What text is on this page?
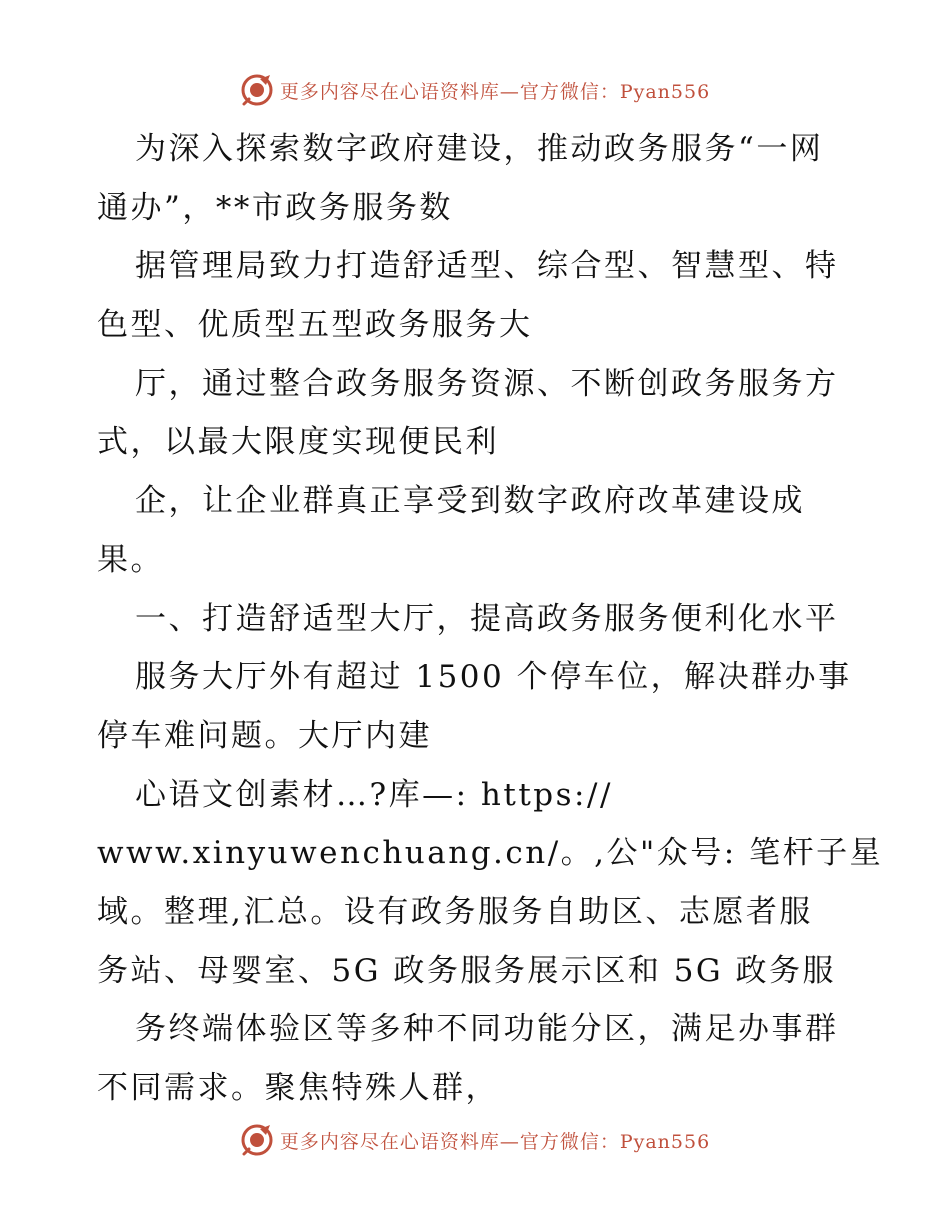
更多内容尽在心语资料库—官方微信：Pyan556
为深入探索数字政府建设，推动政务服务“一网
通办”，**市政务服务数
据管理局致力打造舒适型、综合型、智慧型、特
色型、优质型五型政务服务大
厅，通过整合政务服务资源、不断创政务服务方
式，以最大限度实现便民利
企，让企业群真正享受到数字政府改革建设成
果。
一、打造舒适型大厅，提高政务服务便利化水平
服务大厅外有超过 1500 个停车位，解决群办事
停车难问题。大厅内建
心语文创素材…?库—: https://
www.xinyuwenchuang.cn/。,公"众号: 笔杆子星
域。整理,汇总。设有政务服务自助区、志愿者服
务站、母婴室、5G 政务服务展示区和 5G 政务服
务终端体验区等多种不同功能分区，满足办事群
不同需求。聚焦特殊人群，
更多内容尽在心语资料库—官方微信：Pyan556
